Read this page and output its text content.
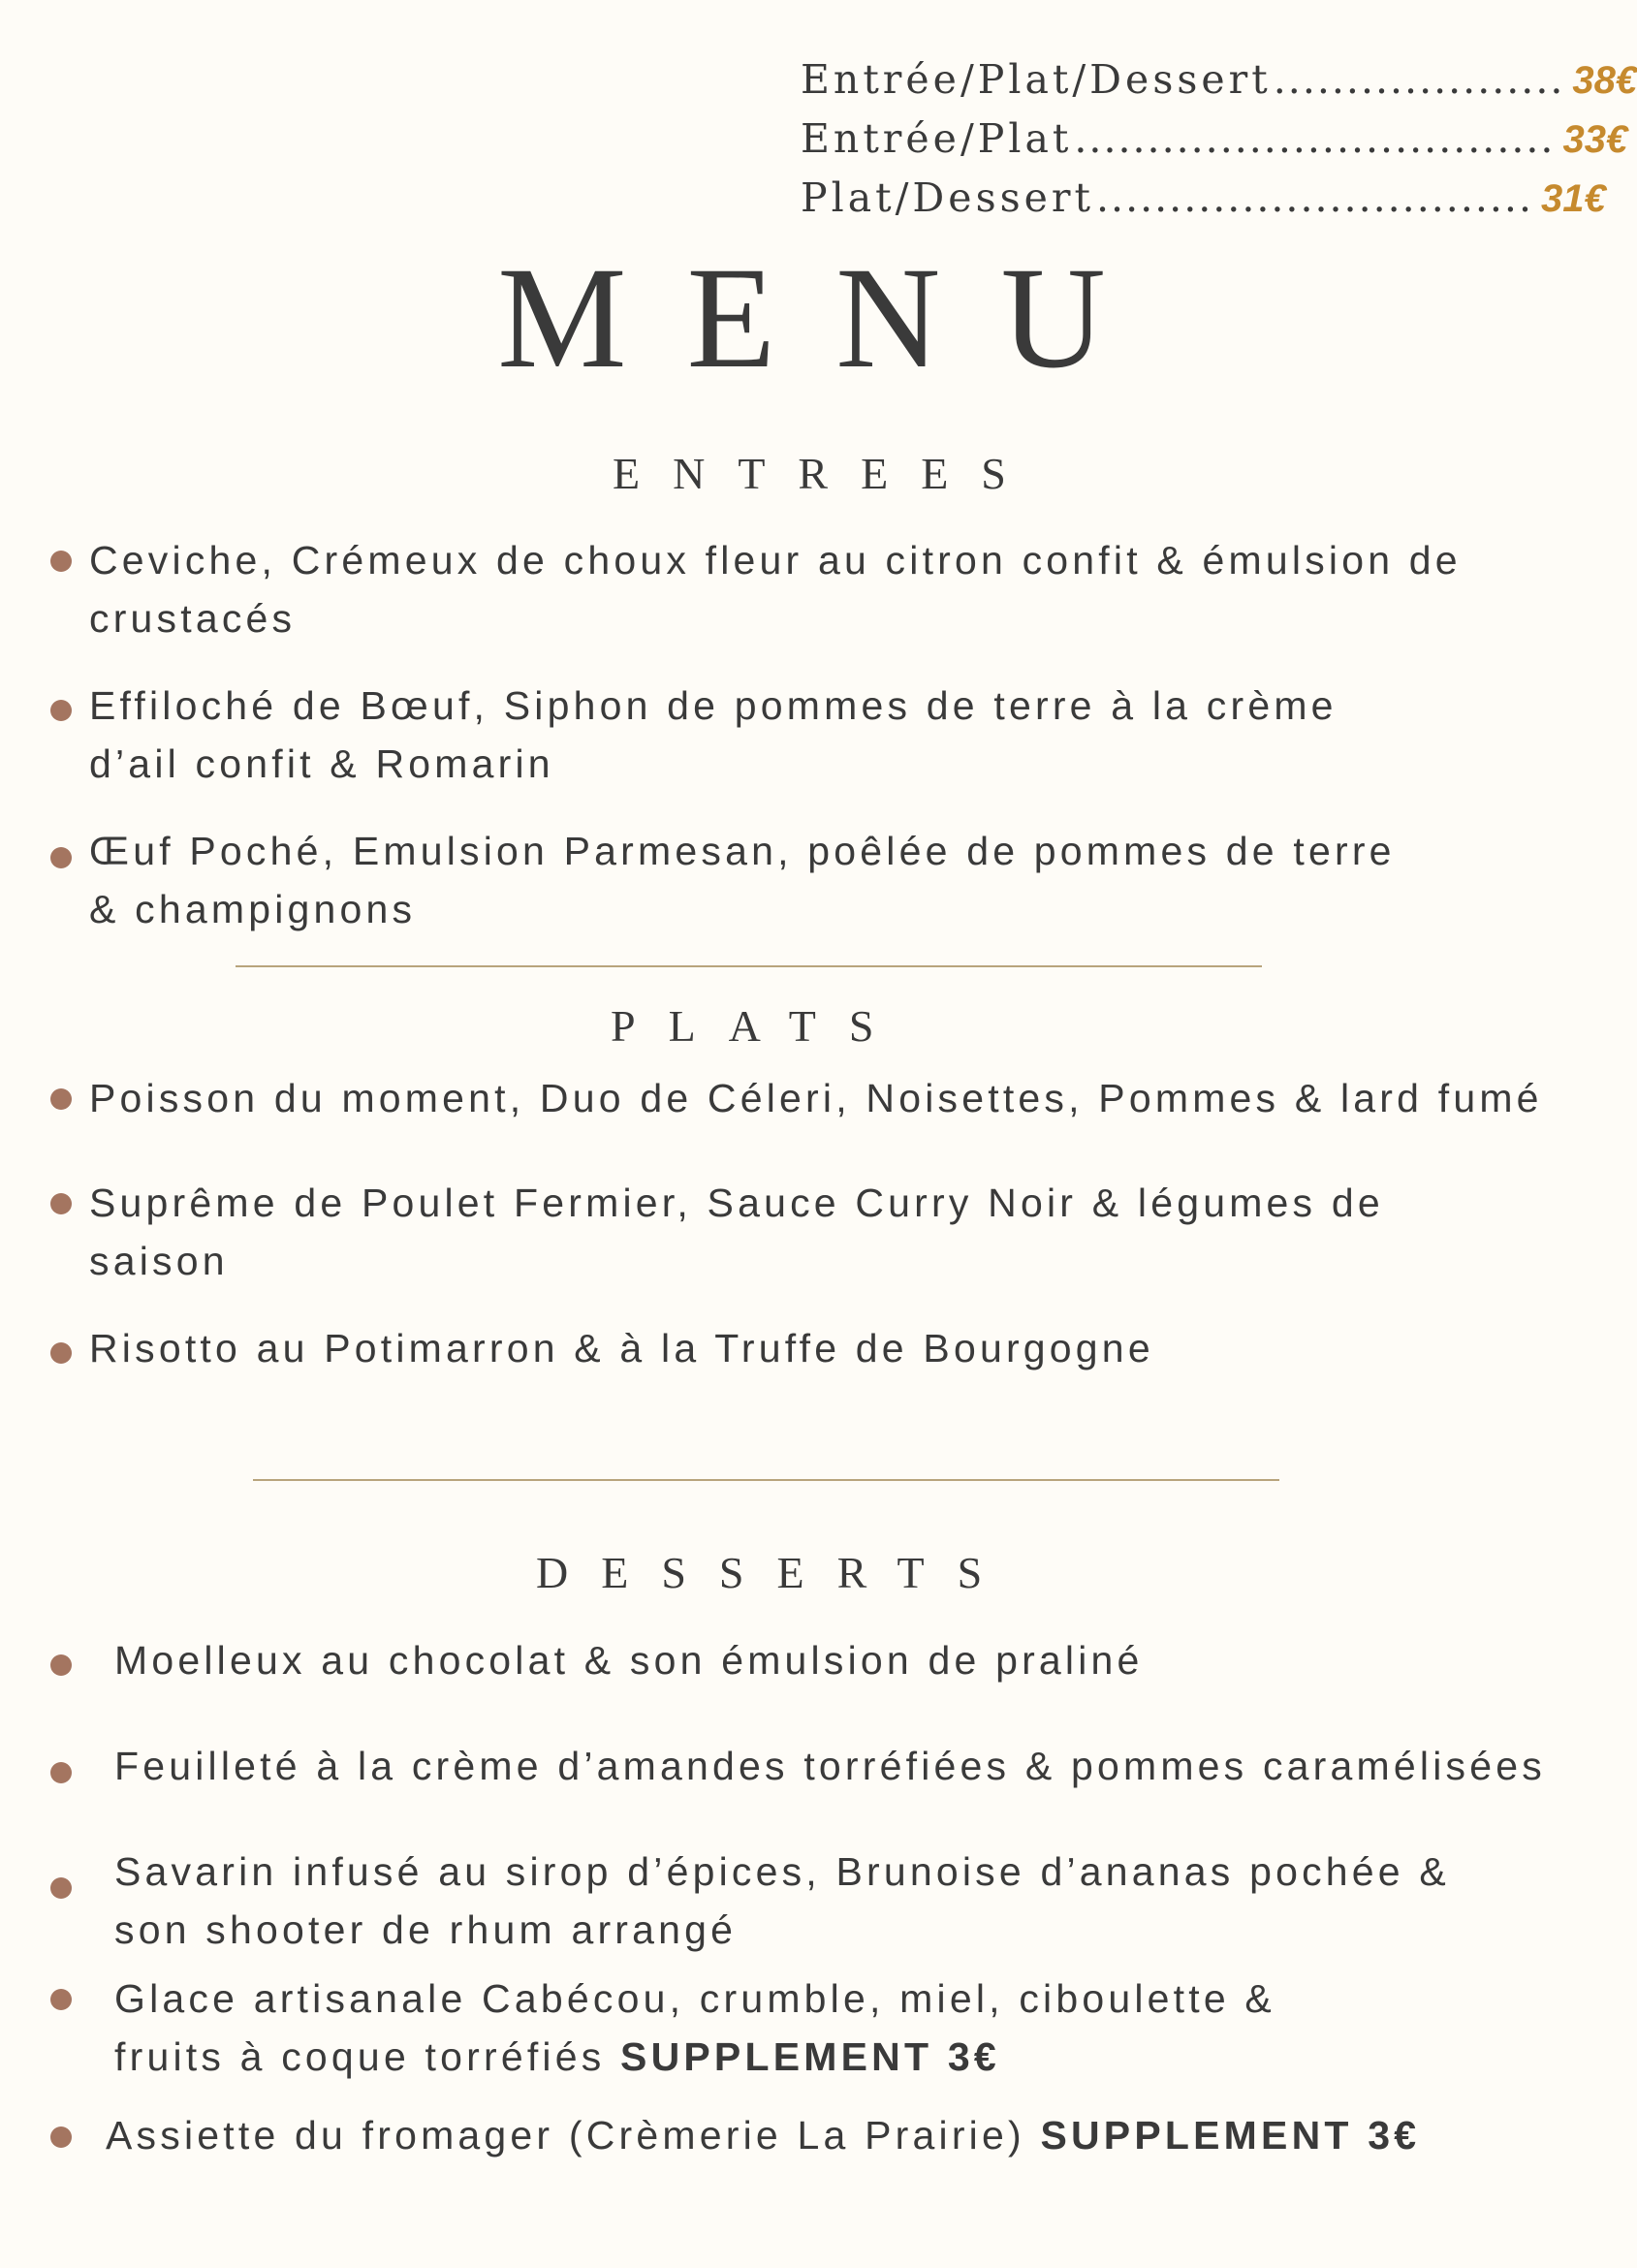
Entrée/Plat/Dessert .................... 38€
Entrée/Plat ................................. 33€
Plat/Dessert .............................. 31€
MENU
ENTREES
Ceviche, Crémeux de choux fleur au citron confit & émulsion de
crustacés
Effiloché de Bœuf, Siphon de pommes de terre à la crème
d’ail confit & Romarin
Œuf Poché, Emulsion Parmesan, poêlée de pommes de terre
& champignons
PLATS
Poisson du moment, Duo de Céleri, Noisettes, Pommes & lard fumé
Suprême de Poulet Fermier, Sauce Curry Noir & légumes de
saison
Risotto au Potimarron & à la Truffe de Bourgogne
DESSERTS
Moelleux au chocolat & son émulsion de praliné
Feuilleté à la crème d’amandes torréfiées & pommes caramélisées
Savarin infusé au sirop d’épices, Brunoise d’ananas pochée &
son shooter de rhum arrangé
Glace artisanale Cabécou, crumble, miel, ciboulette &
fruits à coque torréfiés SUPPLEMENT 3€
Assiette du fromager (Crèmerie La Prairie) SUPPLEMENT 3€
